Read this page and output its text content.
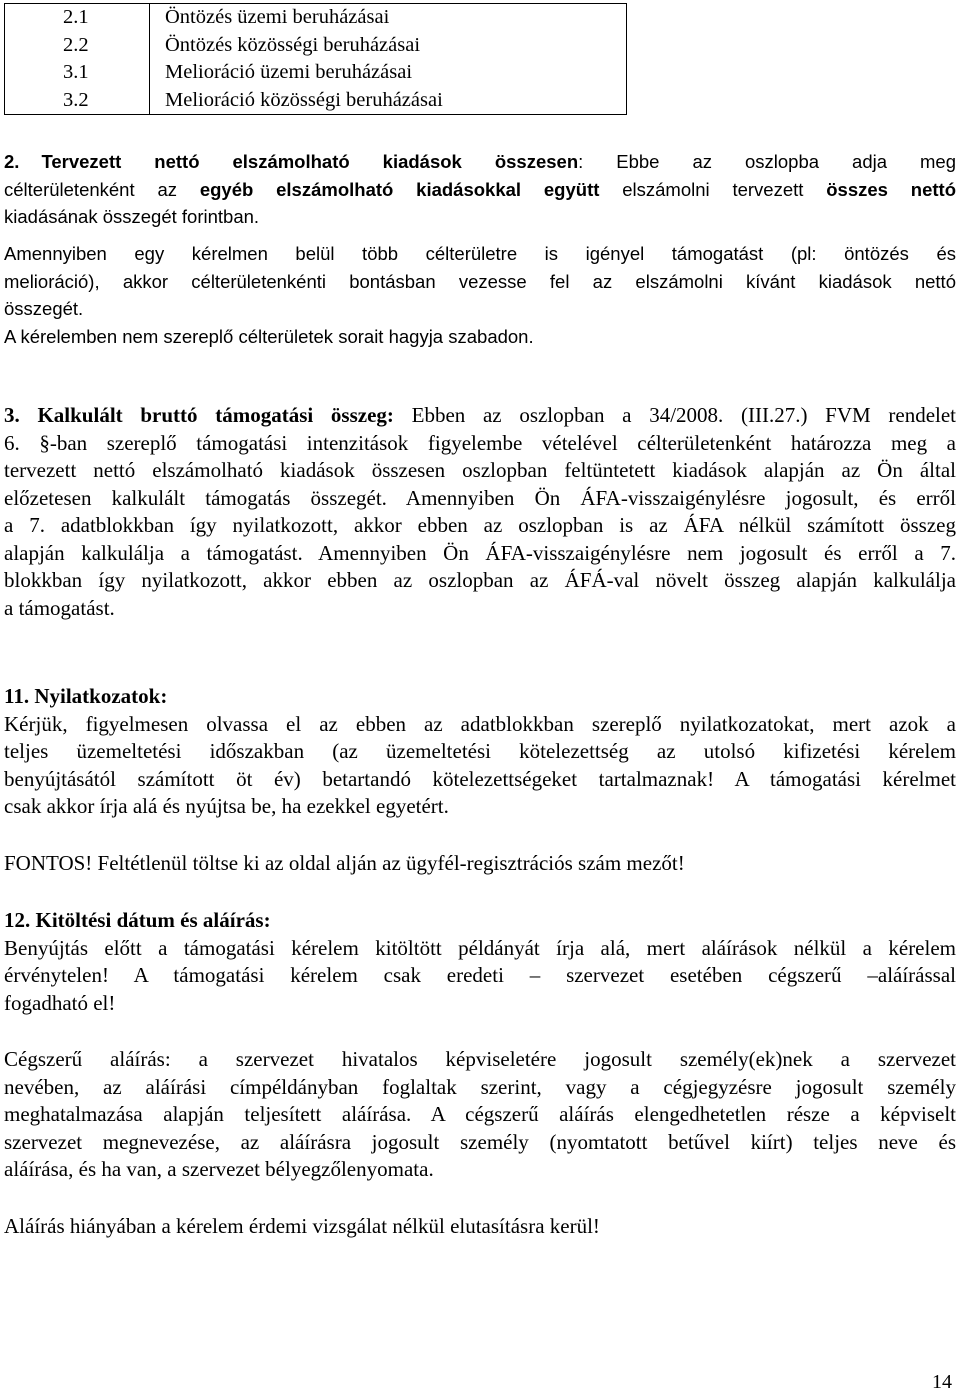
2.1	Öntözés üzemi beruházásai
2.2	Öntözés közösségi beruházásai
3.1	Melioráció üzemi beruházásai
3.2	Melioráció közösségi beruházásai
2. Tervezett nettó elszámolható kiadások összesen: Ebbe az oszlopba adja meg
célterületenként az egyéb elszámolható kiadásokkal együtt elszámolni tervezett összes nettó
kiadásának összegét forintban.
Amennyiben egy kérelmen belül több célterületre is igényel támogatást (pl: öntözés és
melioráció), akkor célterületenkénti bontásban vezesse fel az elszámolni kívánt kiadások nettó
összegét.
A kérelemben nem szereplő célterületek sorait hagyja szabadon.
3. Kalkulált bruttó támogatási összeg: Ebben az oszlopban a 34/2008. (III.27.) FVM rendelet
6. §-ban szereplő támogatási intenzitások figyelembe vételével célterületenként határozza meg a
tervezett nettó elszámolható kiadások összesen oszlopban feltüntetett kiadások alapján az Ön által
előzetesen kalkulált támogatás összegét. Amennyiben Ön ÁFA-visszaigénylésre jogosult, és erről
a 7. adatblokkban így nyilatkozott, akkor ebben az oszlopban is az ÁFA nélkül számított összeg
alapján kalkulálja a támogatást. Amennyiben Ön ÁFA-visszaigénylésre nem jogosult és erről a 7.
blokkban így nyilatkozott, akkor ebben az oszlopban az ÁFÁ-val növelt összeg alapján kalkulálja
a támogatást.
11. Nyilatkozatok:
Kérjük, figyelmesen olvassa el az ebben az adatblokkban szereplő nyilatkozatokat, mert azok a
teljes üzemeltetési időszakban (az üzemeltetési kötelezettség az utolsó kifizetési kérelem
benyújtásától számított öt év) betartandó kötelezettségeket tartalmaznak! A támogatási kérelmet
csak akkor írja alá és nyújtsa be, ha ezekkel egyetért.
FONTOS! Feltétlenül töltse ki az oldal alján az ügyfél-regisztrációs szám mezőt!
12. Kitöltési dátum és aláírás:
Benyújtás előtt a támogatási kérelem kitöltött példányát írja alá, mert aláírások nélkül a kérelem
érvénytelen! A támogatási kérelem csak eredeti – szervezet esetében cégszerű –aláírással
fogadható el!
Cégszerű aláírás: a szervezet hivatalos képviseletére jogosult személy(ek)nek a szervezet
nevében, az aláírási címpéldányban foglaltak szerint, vagy a cégjegyzésre jogosult személy
meghatalmazása alapján teljesített aláírása. A cégszerű aláírás elengedhetetlen része a képviselt
szervezet megnevezése, az aláírásra jogosult személy (nyomtatott betűvel kiírt) teljes neve és
aláírása, és ha van, a szervezet bélyegzőlenyomata.
Aláírás hiányában a kérelem érdemi vizsgálat nélkül elutasításra kerül!
14
